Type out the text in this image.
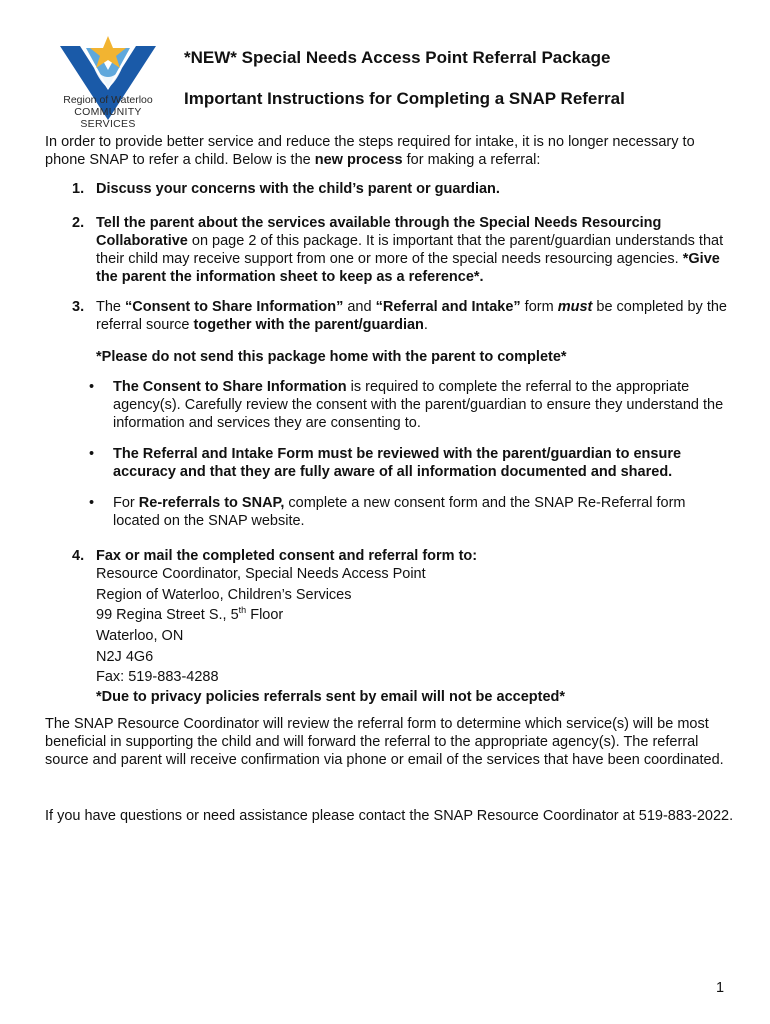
Region of Waterloo
COMMUNITY SERVICES
*NEW* Special Needs Access Point Referral Package
Important Instructions for Completing a SNAP Referral
In order to provide better service and reduce the steps required for intake, it is no longer necessary to phone SNAP to refer a child. Below is the new process for making a referral:
1. Discuss your concerns with the child’s parent or guardian.
2. Tell the parent about the services available through the Special Needs Resourcing Collaborative on page 2 of this package. It is important that the parent/guardian understands that their child may receive support from one or more of the special needs resourcing agencies. *Give the parent the information sheet to keep as a reference*.
3. The “Consent to Share Information” and “Referral and Intake” form must be completed by the referral source together with the parent/guardian.
*Please do not send this package home with the parent to complete*
• The Consent to Share Information is required to complete the referral to the appropriate agency(s). Carefully review the consent with the parent/guardian to ensure they understand the information and services they are consenting to.
• The Referral and Intake Form must be reviewed with the parent/guardian to ensure accuracy and that they are fully aware of all information documented and shared.
• For Re-referrals to SNAP, complete a new consent form and the SNAP Re-Referral form located on the SNAP website.
4. Fax or mail the completed consent and referral form to:
Resource Coordinator, Special Needs Access Point
Region of Waterloo, Children’s Services
99 Regina Street S., 5th Floor
Waterloo, ON
N2J 4G6
Fax: 519-883-4288
*Due to privacy policies referrals sent by email will not be accepted*
The SNAP Resource Coordinator will review the referral form to determine which service(s) will be most beneficial in supporting the child and will forward the referral to the appropriate agency(s). The referral source and parent will receive confirmation via phone or email of the services that have been coordinated.
If you have questions or need assistance please contact the SNAP Resource Coordinator at 519-883-2022.
1
